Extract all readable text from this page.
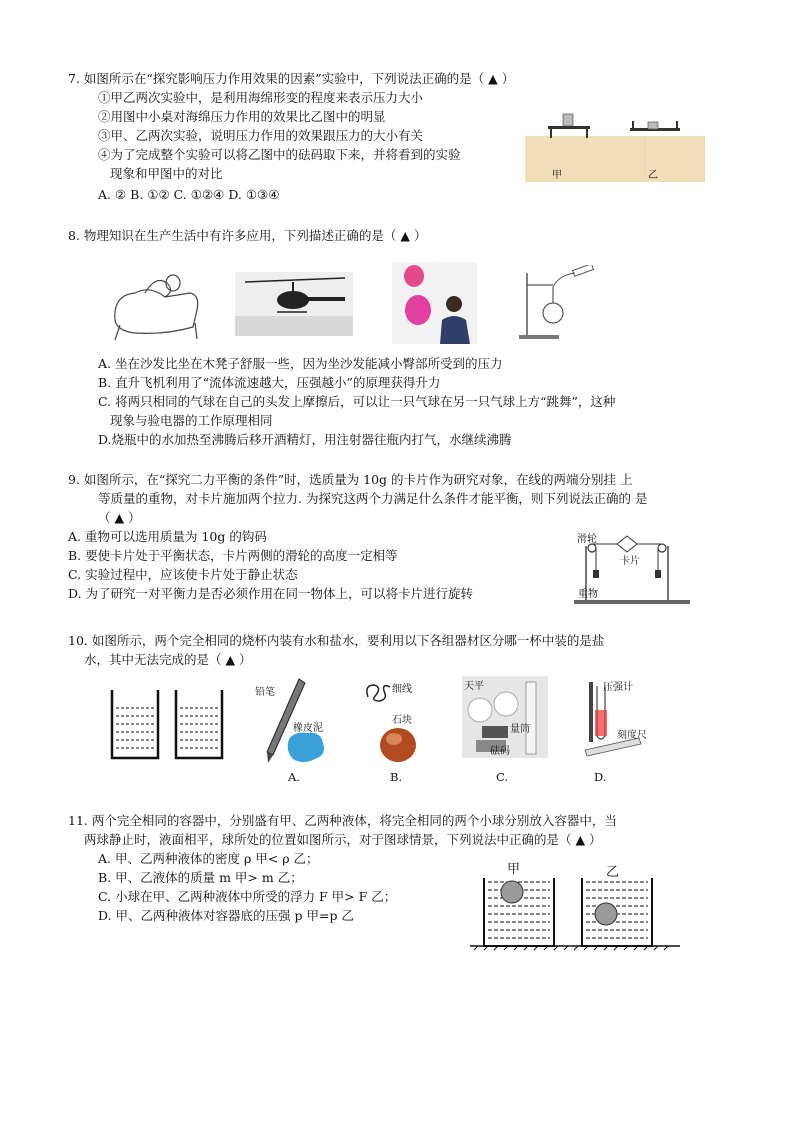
7. 如图所示在“探究影响压力作用效果的因素”实验中，下列说法正确的是（ ▲ ）
①甲乙两次实验中，是利用海绵形变的程度来表示压力大小
②用图中小桌对海绵压力作用的效果比乙图中的明显
③甲、乙两次实验，说明压力作用的效果跟压力的大小有关
④为了完成整个实验可以将乙图中的砝码取下来，并将看到的实验
现象和甲图中的对比
A. ② B. ①② C. ①②④ D. ①③④
甲	乙
8. 物理知识在生产生活中有许多应用，下列描述正确的是（ ▲ ）
A. 坐在沙发比坐在木凳子舒服一些，因为坐沙发能减小臀部所受到的压力
B. 直升飞机利用了“流体流速越大，压强越小”的原理获得升力
C. 将两只相同的气球在自己的头发上摩擦后，可以让一只气球在另一只气球上方“跳舞”，这种
现象与验电器的工作原理相同
D.烧瓶中的水加热至沸腾后移开酒精灯，用注射器往瓶内打气，水继续沸腾
9. 如图所示，在“探究二力平衡的条件”时，选质量为 10g 的卡片作为研究对象，在线的两端分别挂 上
等质量的重物，对卡片施加两个拉力. 为探究这两个力满足什么条件才能平衡，则下列说法正确的 是
（ ▲ ）
A. 重物可以选用质量为 10g 的钩码
B. 要使卡片处于平衡状态，卡片两侧的滑轮的高度一定相等
C. 实验过程中，应该使卡片处于静止状态
D. 为了研究一对平衡力是否必须作用在同一物体上，可以将卡片进行旋转
滑轮
卡片
重物
10. 如图所示，两个完全相同的烧杯内装有水和盐水，要利用以下各组器材区分哪一杯中装的是盐
水，其中无法完成的是（ ▲ ）
铅笔
橡皮泥
细线
石块
天平
量筒
砝码
压强计
刻度尺
A.	B.	C.	D.
11. 两个完全相同的容器中，分别盛有甲、乙两种液体，将完全相同的两个小球分别放入容器中，当
两球静止时，液面相平，球所处的位置如图所示，对于图球情景，下列说法中正确的是（ ▲ ）
A. 甲、乙两种液体的密度 ρ 甲< ρ 乙；
B. 甲、乙液体的质量 m 甲> m 乙；
C. 小球在甲、乙两种液体中所受的浮力 F 甲> F 乙；
D. 甲、乙两种液体对容器底的压强 p 甲=p 乙
甲	乙
